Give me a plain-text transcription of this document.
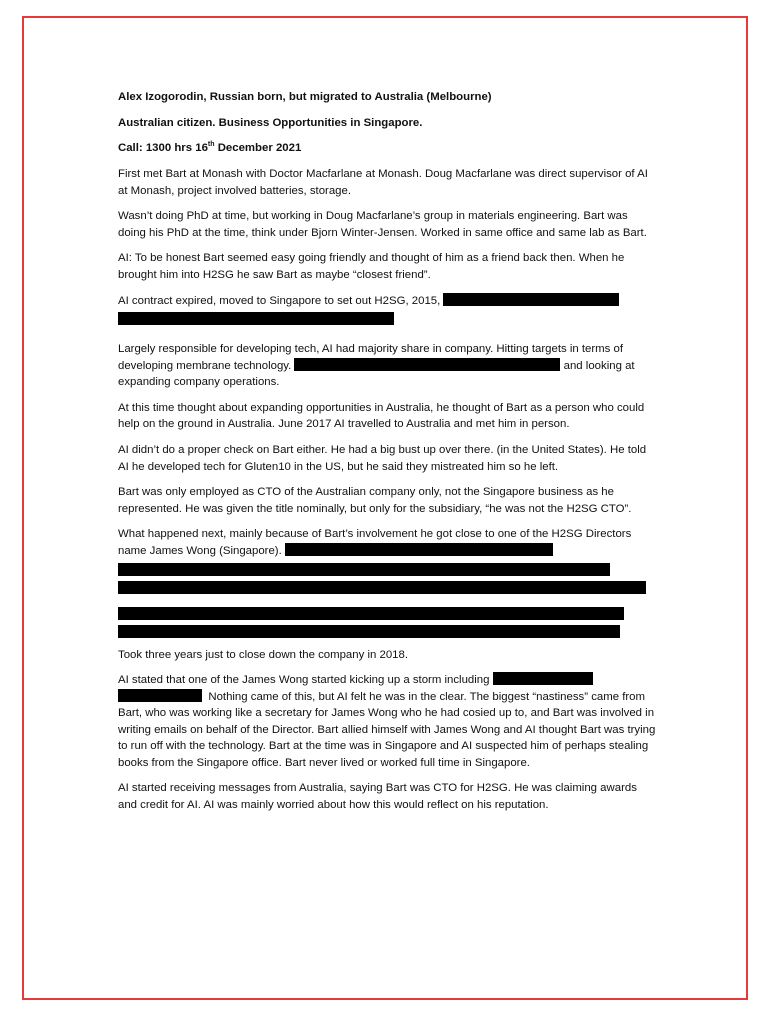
Alex Izogorodin, Russian born, but migrated to Australia (Melbourne)

Australian citizen. Business Opportunities in Singapore.

Call: 1300 hrs 16th December 2021

First met Bart at Monash with Doctor Macfarlane at Monash. Doug Macfarlane was direct supervisor of AI at Monash, project involved batteries, storage.

Wasn’t doing PhD at time, but working in Doug Macfarlane’s group in materials engineering. Bart was doing his PhD at the time, think under Bjorn Winter-Jensen. Worked in same office and same lab as Bart.

AI: To be honest Bart seemed easy going friendly and thought of him as a friend back then. When he brought him into H2SG he saw Bart as maybe “closest friend”.

AI contract expired, moved to Singapore to set out H2SG, 2015,

Largely responsible for developing tech, AI had majority share in company. Hitting targets in terms of developing membrane technology.	and looking at expanding company operations.

At this time thought about expanding opportunities in Australia, he thought of Bart as a person who could help on the ground in Australia. June 2017 AI travelled to Australia and met him in person.

AI didn’t do a proper check on Bart either. He had a big bust up over there. (in the United States). He told AI he developed tech for Gluten10 in the US, but he said they mistreated him so he left.

Bart was only employed as CTO of the Australian company only, not the Singapore business as he represented. He was given the title nominally, but only for the subsidiary, “he was not the H2SG CTO”.

What happened next, mainly because of Bart’s involvement he got close to one of the H2SG Directors name James Wong (Singapore).

Took three years just to close down the company in 2018.

AI stated that one of the James Wong started kicking up a storm including
Nothing came of this, but AI felt he was in the clear. The biggest “nastiness” came from Bart, who was working like a secretary for James Wong who he had cosied up to, and Bart was involved in writing emails on behalf of the Director. Bart allied himself with James Wong and AI thought Bart was trying to run off with the technology. Bart at the time was in Singapore and AI suspected him of perhaps stealing books from the Singapore office. Bart never lived or worked full time in Singapore.

AI started receiving messages from Australia, saying Bart was CTO for H2SG. He was claiming awards and credit for AI. AI was mainly worried about how this would reflect on his reputation.
